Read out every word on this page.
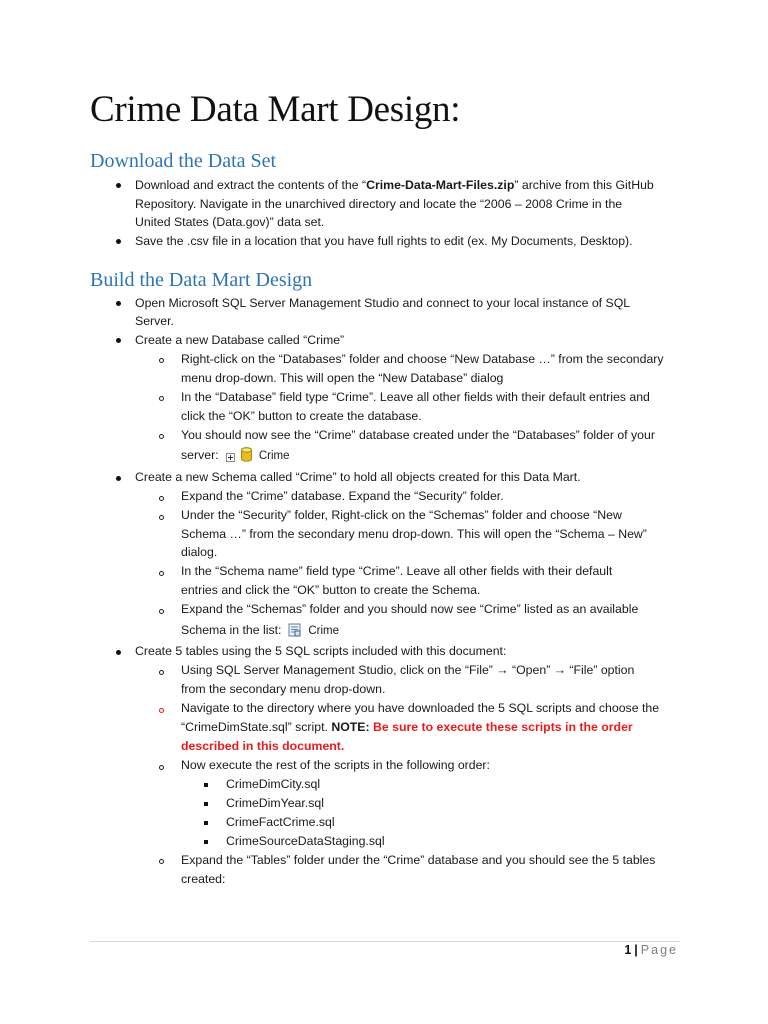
Crime Data Mart Design:
Download the Data Set
Download and extract the contents of the “Crime-Data-Mart-Files.zip” archive from this GitHub
Repository. Navigate in the unarchived directory and locate the “2006 – 2008 Crime in the
United States (Data.gov)” data set.
Save the .csv file in a location that you have full rights to edit (ex. My Documents, Desktop).
Build the Data Mart Design
Open Microsoft SQL Server Management Studio and connect to your local instance of SQL
Server.
Create a new Database called “Crime”
Right-click on the “Databases” folder and choose “New Database …” from the secondary
menu drop-down. This will open the “New Database” dialog
In the “Database” field type “Crime”. Leave all other fields with their default entries and
click the “OK” button to create the database.
You should now see the “Crime” database created under the “Databases” folder of your
server:	Crime
Create a new Schema called “Crime” to hold all objects created for this Data Mart.
Expand the “Crime” database. Expand the “Security” folder.
Under the “Security” folder, Right-click on the “Schemas” folder and choose “New
Schema …” from the secondary menu drop-down. This will open the “Schema – New”
dialog.
In the “Schema name” field type “Crime”. Leave all other fields with their default
entries and click the “OK” button to create the Schema.
Expand the “Schemas” folder and you should now see “Crime” listed as an available
Schema in the list: Crime
Create 5 tables using the 5 SQL scripts included with this document:
Using SQL Server Management Studio, click on the “File” → “Open” → “File” option
from the secondary menu drop-down.
Navigate to the directory where you have downloaded the 5 SQL scripts and choose the
“CrimeDimState.sql” script. NOTE: Be sure to execute these scripts in the order
described in this document.
Now execute the rest of the scripts in the following order:
CrimeDimCity.sql
CrimeDimYear.sql
CrimeFactCrime.sql
CrimeSourceDataStaging.sql
Expand the “Tables” folder under the “Crime” database and you should see the 5 tables
created:
1 | Page
